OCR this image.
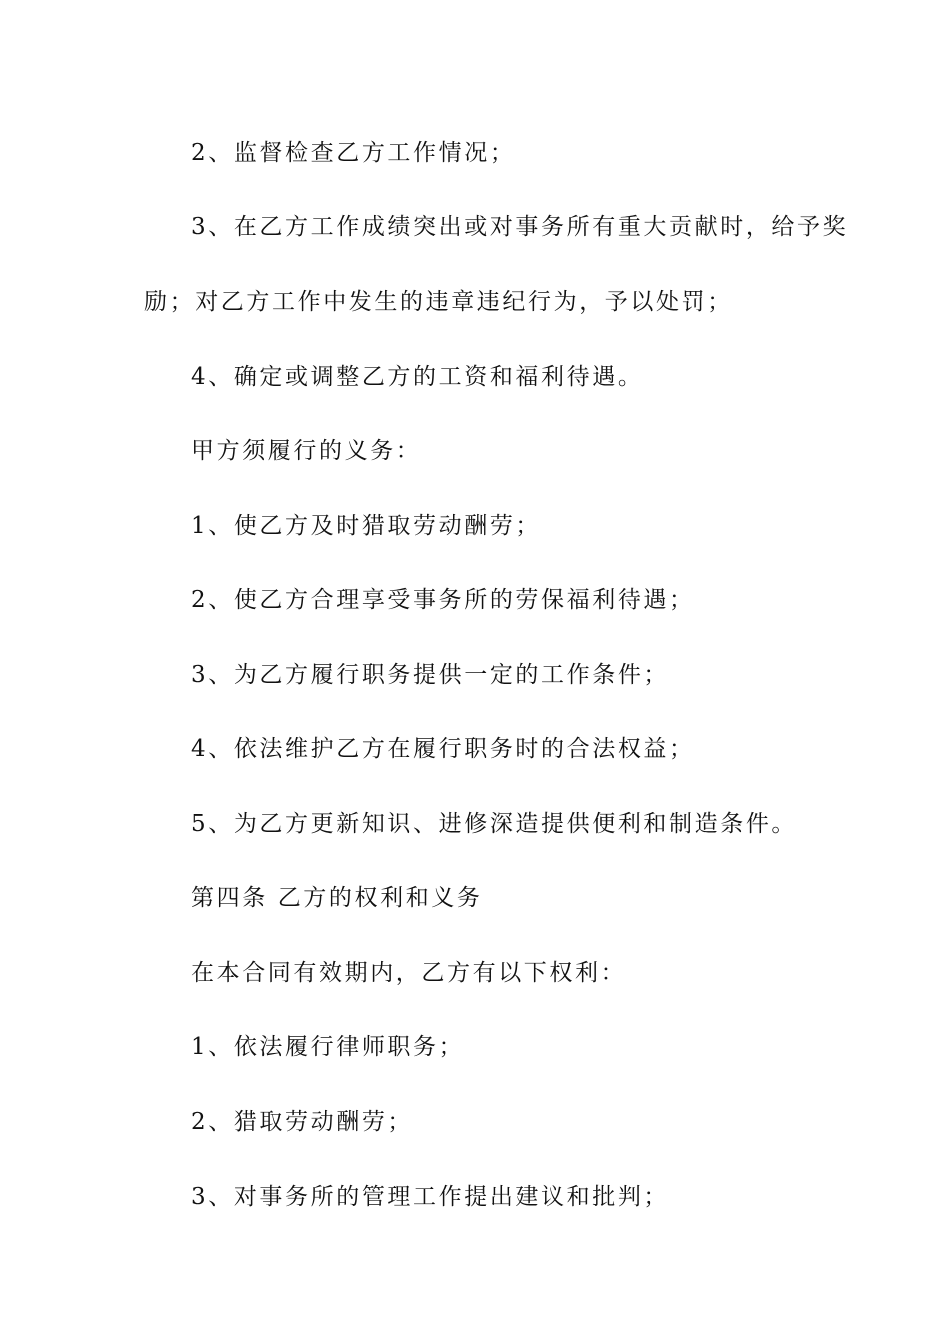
2、监督检查乙方工作情况；

3、在乙方工作成绩突出或对事务所有重大贡献时，给予奖

励；对乙方工作中发生的违章违纪行为，予以处罚；

4、确定或调整乙方的工资和福利待遇。

甲方须履行的义务：

1、使乙方及时猎取劳动酬劳；

2、使乙方合理享受事务所的劳保福利待遇；

3、为乙方履行职务提供一定的工作条件；

4、依法维护乙方在履行职务时的合法权益；

5、为乙方更新知识、进修深造提供便利和制造条件。

第四条 乙方的权利和义务

在本合同有效期内，乙方有以下权利：

1、依法履行律师职务；

2、猎取劳动酬劳；

3、对事务所的管理工作提出建议和批判；
